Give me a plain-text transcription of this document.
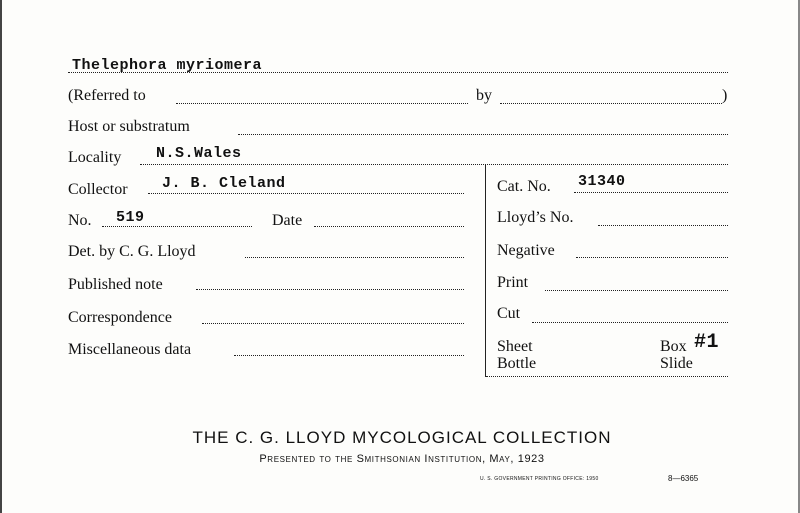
Thelephora myriomera
(Referred to	by	)
Host or substratum
Locality N.S.Wales
Collector J. B. Cleland
No. 519	Date
Det. by C. G. Lloyd
Published note
Correspondence
Miscellaneous data
Cat. No. 31340
Lloyd’s No.
Negative
Print
Cut
Sheet
Bottle
Box #1
Slide
THE C. G. LLOYD MYCOLOGICAL COLLECTION
Presented to the Smithsonian Institution, May, 1923
U. S. GOVERNMENT PRINTING OFFICE: 1950	8—6365
